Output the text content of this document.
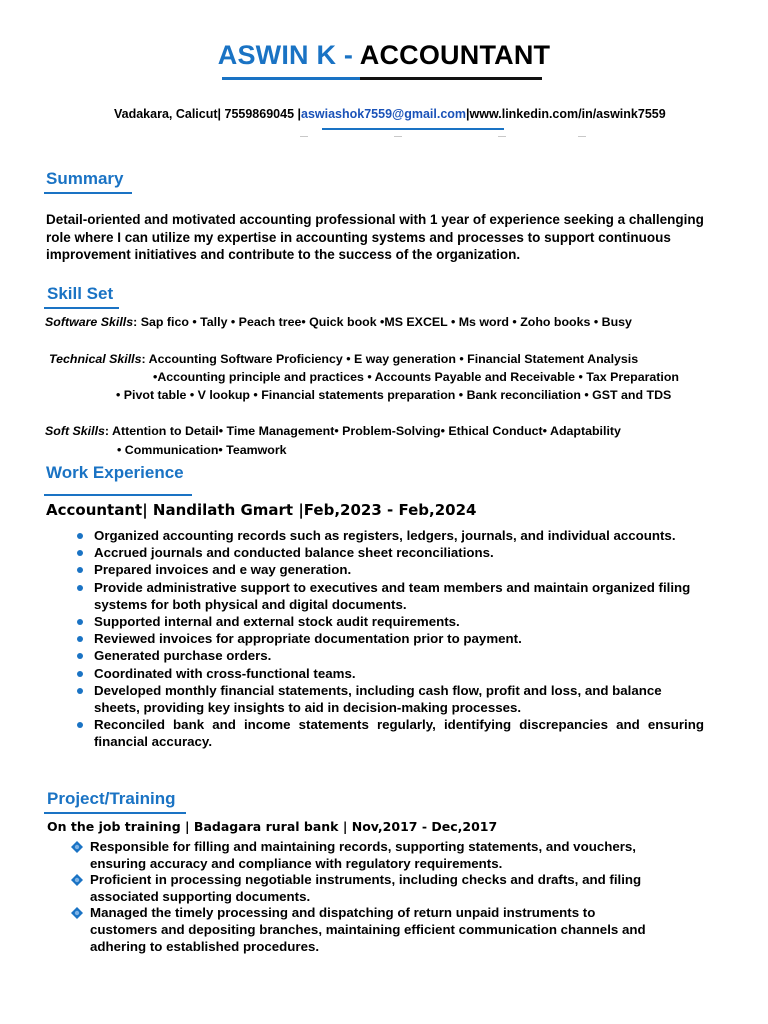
ASWIN K - ACCOUNTANT
Vadakara, Calicut| 7559869045 |aswiashok7559@gmail.com|www.linkedin.com/in/aswink7559
Summary
Detail-oriented and motivated accounting professional with 1 year of experience seeking a challenging role where I can utilize my expertise in accounting systems and processes to support continuous improvement initiatives and contribute to the success of the organization.
Skill Set
Software Skills: Sap fico • Tally • Peach tree• Quick book •MS EXCEL • Ms word • Zoho books • Busy
Technical Skills: Accounting Software Proficiency • E way generation • Financial Statement Analysis
•Accounting principle and practices • Accounts Payable and Receivable • Tax Preparation
• Pivot table • V lookup • Financial statements preparation • Bank reconciliation • GST and TDS
Soft Skills: Attention to Detail• Time Management• Problem-Solving• Ethical Conduct• Adaptability
• Communication• Teamwork
Work Experience
Accountant| Nandilath Gmart |Feb,2023 - Feb,2024
Organized accounting records such as registers, ledgers, journals, and individual accounts.
Accrued journals and conducted balance sheet reconciliations.
Prepared invoices and e way generation.
Provide administrative support to executives and team members and maintain organized filing systems for both physical and digital documents.
Supported internal and external stock audit requirements.
Reviewed invoices for appropriate documentation prior to payment.
Generated purchase orders.
Coordinated with cross-functional teams.
Developed monthly financial statements, including cash flow, profit and loss, and balance sheets, providing key insights to aid in decision-making processes.
Reconciled bank and income statements regularly, identifying discrepancies and ensuring financial accuracy.
Project/Training
On the job training | Badagara rural bank | Nov,2017 - Dec,2017
Responsible for filling and maintaining records, supporting statements, and vouchers, ensuring accuracy and compliance with regulatory requirements.
Proficient in processing negotiable instruments, including checks and drafts, and filing associated supporting documents.
Managed the timely processing and dispatching of return unpaid instruments to customers and depositing branches, maintaining efficient communication channels and adhering to established procedures.
